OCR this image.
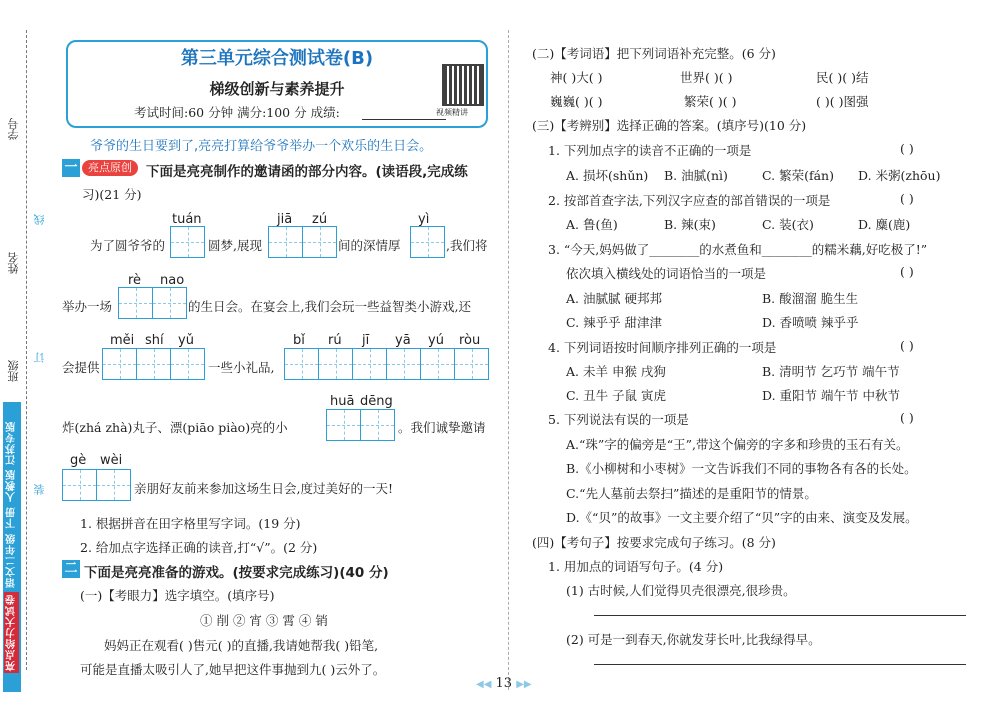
学号
姓名
班级
线
订
装
亮点给力大试卷
语文二年级 下册 人教版 江苏专版
第三单元综合测试卷(B)
梯级创新与素养提升
视频精讲
考试时间:60 分钟 满分:100 分 成绩:
爷爷的生日要到了,亮亮打算给爷爷举办一个欢乐的生日会。
一 亮点原创	下面是亮亮制作的邀请函的部分内容。(读语段,完成练
习)(21 分)
tuán	jiā zú	yì
为了圆爷爷的	圆梦,展现	间的深情厚	,我们将
rè nao
举办一场	的生日会。在宴会上,我们会玩一些益智类小游戏,还
měi shí yǔ	bǐ rú jī yā yú ròu
会提供	一些小礼品,
huā dēng
炸(zhá zhà)丸子、漂(piāo piào)亮的小	。我们诚挚邀请
gè wèi
亲朋好友前来参加这场生日会,度过美好的一天!
1. 根据拼音在田字格里写字词。(19 分)
2. 给加点字选择正确的读音,打“√”。(2 分)
二 下面是亮亮准备的游戏。(按要求完成练习)(40 分)
(一)【考眼力】选字填空。(填序号)
① 削 ② 宵 ③ 霄 ④ 销
妈妈正在观看( )售元( )的直播,我请她帮我( )铅笔,
可能是直播太吸引人了,她早把这件事抛到九( )云外了。
(二)【考词语】把下列词语补充完整。(6 分)
神( )大( )	世界( )( )	民( )( )结
巍巍( )( )	繁荣( )( )	( )( )图强
(三)【考辨别】选择正确的答案。(填序号)(10 分)
1. 下列加点字的读音不正确的一项是	( )
A. 损坏(shǔn) B. 油腻(nì)	C. 繁荣(fán) D. 米粥(zhōu)
2. 按部首查字法,下列汉字应查的部首错误的一项是	( )
A. 鲁(鱼)	B. 辣(束)	C. 装(衣)	D. 麋(鹿)
3. “今天,妈妈做了________的水煮鱼和________的糯米藕,好吃极了!”
依次填入横线处的词语恰当的一项是	( )
A. 油腻腻 硬邦邦	B. 酸溜溜 脆生生
C. 辣乎乎 甜津津	D. 香喷喷 辣乎乎
4. 下列词语按时间顺序排列正确的一项是	( )
A. 未羊 申猴 戌狗	B. 清明节 乞巧节 端午节
C. 丑牛 子鼠 寅虎	D. 重阳节 端午节 中秋节
5. 下列说法有误的一项是	( )
A.“珠”字的偏旁是“王”,带这个偏旁的字多和珍贵的玉石有关。
B.《小柳树和小枣树》一文告诉我们不同的事物各有各的长处。
C.“先人墓前去祭扫”描述的是重阳节的情景。
D.《“贝”的故事》一文主要介绍了“贝”字的由来、演变及发展。
(四)【考句子】按要求完成句子练习。(8 分)
1. 用加点的词语写句子。(4 分)
(1) 古时候,人们觉得贝壳很漂亮,很珍贵。
(2) 可是一到春天,你就发芽长叶,比我绿得早。
◀◀ 13 ▶▶
